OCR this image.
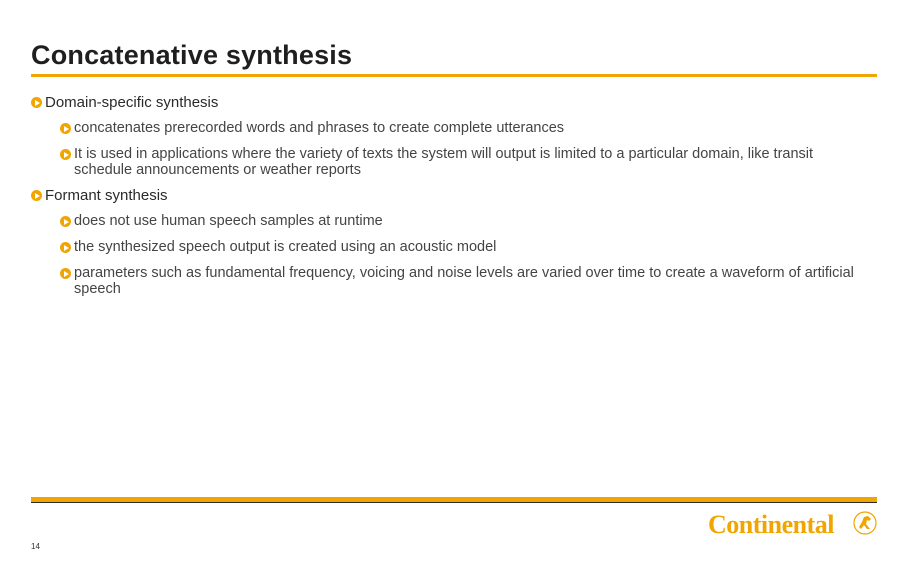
Concatenative synthesis
Domain-specific synthesis
concatenates prerecorded words and phrases to create complete utterances
It is used in applications where the variety of texts the system will output is limited to a particular domain, like transit schedule announcements or weather reports
Formant synthesis
does not use human speech samples at runtime
the synthesized speech output is created using an acoustic model
parameters such as fundamental frequency, voicing and noise levels are varied over time to create a waveform of artificial speech
Continental
14
